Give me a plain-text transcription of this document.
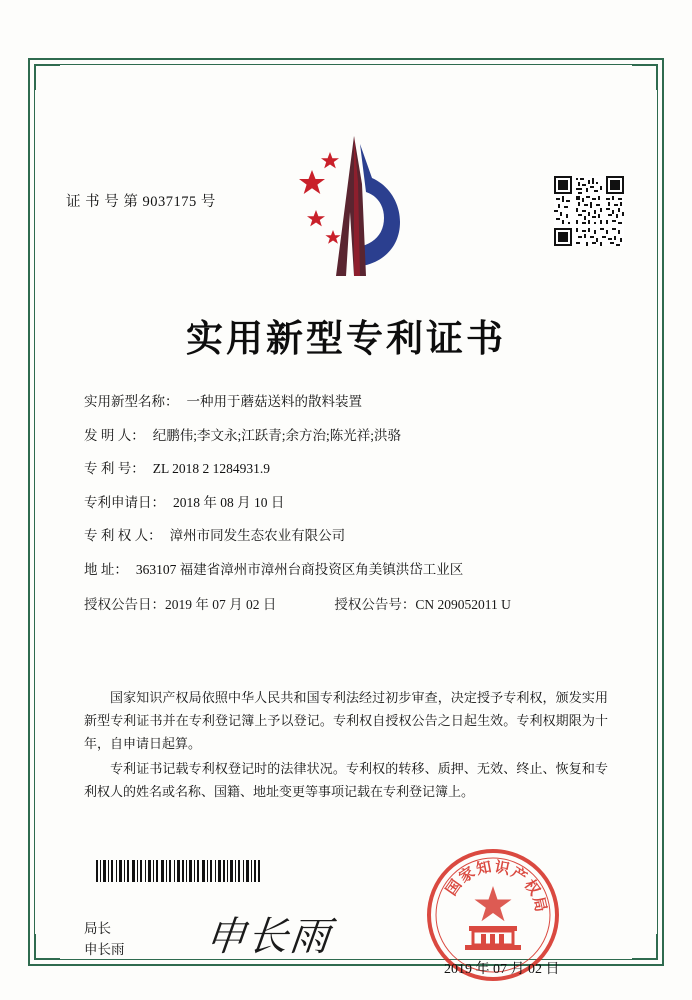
证 书 号 第 9037175 号
实用新型专利证书
实用新型名称： 一种用于蘑菇送料的散料装置
发 明 人： 纪鹏伟;李文永;江跃青;余方治;陈光祥;洪骆
专 利 号： ZL 2018 2 1284931.9
专利申请日： 2018 年 08 月 10 日
专 利 权 人： 漳州市同发生态农业有限公司
地 址： 363107 福建省漳州市漳州台商投资区角美镇洪岱工业区
授权公告日： 2019 年 07 月 02 日	授权公告号： CN 209052011 U

国家知识产权局依照中华人民共和国专利法经过初步审查，决定授予专利权，颁发实用新型专利证书并在专利登记簿上予以登记。专利权自授权公告之日起生效。专利权期限为十年，自申请日起算。

专利证书记载专利权登记时的法律状况。专利权的转移、质押、无效、终止、恢复和专利权人的姓名或名称、国籍、地址变更等事项记载在专利登记簿上。

国
家
知 识
产
权
局
局长
申长雨 申长雨
2019 年 07 月 02 日
